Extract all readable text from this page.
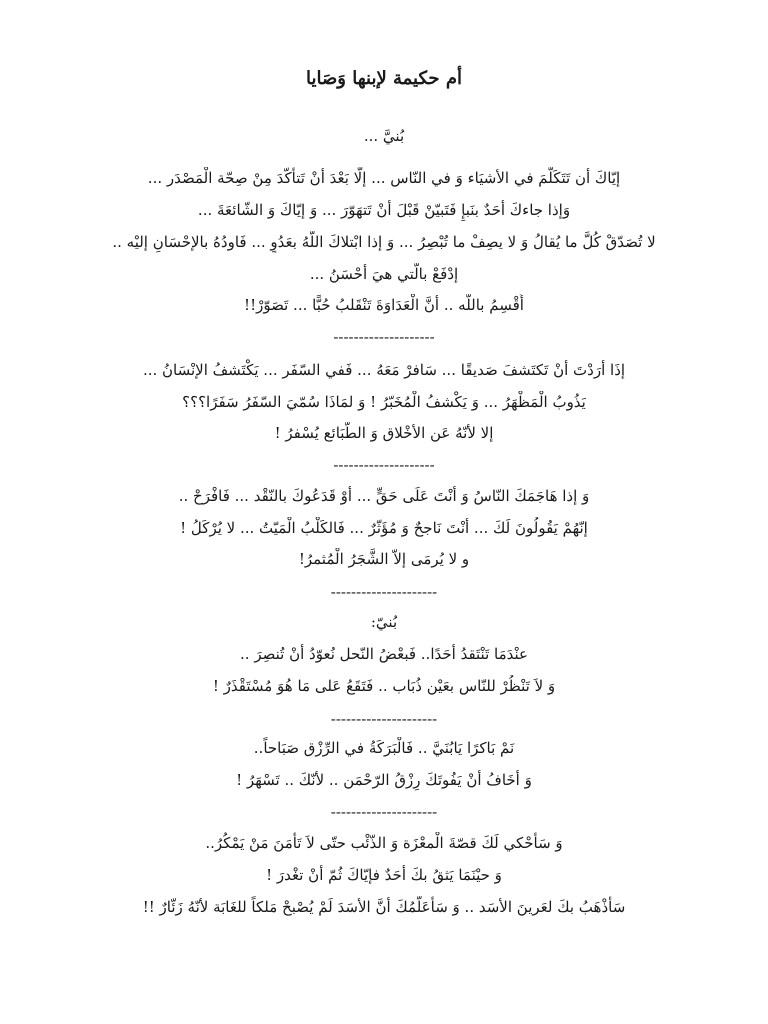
أم حكيمة لإبنها وَصَايا
بُنيَّ ...
إيّاكَ أن تَتَكَلّمَ في الأشيَاء وَ في النّاس ... إلّا بَعْدَ أنْ تَتأكّدَ مِنْ صِحّة الْمَصْدَر ...
وَإذا جاءكَ أحَدٌ بنَبإٍ فَتَبيّنْ قَبْلَ أنْ تَتهَوّرَ ... وَ إيّاكَ وَ الشّائعَةَ ...
لا تُصَدّقْ كُلَّ ما يُقالُ وَ لا يصِفْ ما تُبْصِرُ ... وَ إذا ابْتلاكَ اللّهُ بعَدُوٍ ... فَاودُهُ بالإحْسَانِ إليْه ..
إدْفَعْ بالّتي هيَ أحْسَنُ ...
أُقْسِمُ باللّه .. أنَّ الْعَدَاوَةَ تَنْقَلبُ حُبًّا ... تَصَوّرْ!!
--------------------
إذَا أرَدْتَ أنْ تَكتَشفَ صَديقًا ... سَافرْ مَعَهُ ... فَفي السّفَر ... يَكْتَشفُ الإنْسَانُ ...
يَذُوبُ الْمَظْهَرُ ... وَ يَكْشفُ الْمُخَبّرُ ! وَ لمَاذَا سُمّيَ السّفَرُ سَفَرًا؟؟؟
إلا لأنّهُ عَن الأخْلاق وَ الطّبَائع يُسْفرُ !
--------------------
وَ إذا هَاجَمَكَ النّاسُ وَ أنْتَ عَلَى حَقٍّ ... أوْ قَدَعُوكَ بالنّقْد ... فَافْرَحْ ..
إنّهُمْ يَقُولُونَ لَكَ ... أنْتَ نَاجحٌ وَ مُؤَثّرٌ ... فَالكَلْبُ الْمَيّتُ ... لا يُرْكَلُ !
و لا يُرمَى إلاّ الشَّجَرُ الْمُثمرُ!
---------------------
بُنيّ:
عنْدَمَا تَنْتَقدُ أحَدًا.. فَبعْضُ النّحل نُعوّدُ أنْ تُنصِرَ ..
وَ لاَ تَنْظُرْ للنّاس بعَيْن ذُبَاب .. فَتَقَعُ عَلى مَا هُوَ مُسْتَقْذَرٌ !
---------------------
نَمْ بَاكرًا يَابُنَيَّ .. فَالْبَرَكَةُ في الرِّزْق صَبَاحاً..
وَ أخَافُ أنْ يَفُوتَكَ رِزْقُ الرّحْمَن .. لأنّكَ .. تَسْهَرُ !
---------------------
وَ سَأحْكي لَكَ قصّةَ الْمعْزَة وَ الذّئْب حتّى لاَ تَأمَنَ مَنْ يَمْكُرُ..
وَ حيْنَمَا يَثقُ بكَ أحَدٌ فإيّاكَ ثُمّ أنْ تغْدرَ !
سَأذْهَبُ بكَ لعَرينَ الأسَد .. وَ سَأُعَلّمُكَ أنَّ الأسَدَ لَمْ يُصْبحْ مَلكاً للغَابَة لأنّهُ زَئّارٌ !!
